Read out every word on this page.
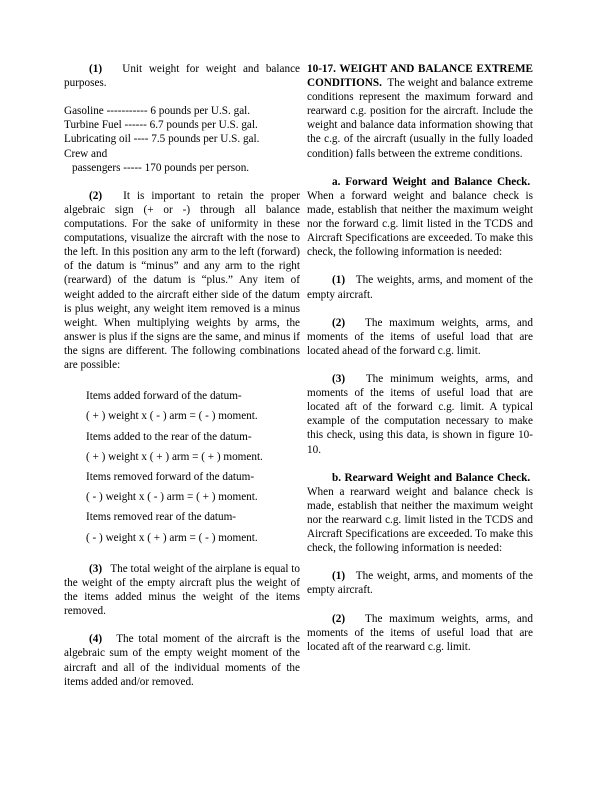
(1) Unit weight for weight and balance purposes.

Gasoline ----------- 6 pounds per U.S. gal.

Turbine Fuel ------ 6.7 pounds per U.S. gal.

Lubricating oil ---- 7.5 pounds per U.S. gal.

Crew and

passengers ----- 170 pounds per person.

(2) It is important to retain the proper algebraic sign (+ or -) through all balance computations. For the sake of uniformity in these computations, visualize the aircraft with the nose to the left. In this position any arm to the left (forward) of the datum is “minus” and any arm to the right (rearward) of the datum is “plus.” Any item of weight added to the aircraft either side of the datum is plus weight, any weight item removed is a minus weight. When multiplying weights by arms, the answer is plus if the signs are the same, and minus if the signs are different. The following combinations are possible:

Items added forward of the datum-

( + ) weight x ( - ) arm = ( - ) moment.

Items added to the rear of the datum-

( + ) weight x ( + ) arm = ( + ) moment.

Items removed forward of the datum-

( - ) weight x ( - ) arm = ( + ) moment.

Items removed rear of the datum-

( - ) weight x ( + ) arm = ( - ) moment.

(3) The total weight of the airplane is equal to the weight of the empty aircraft plus the weight of the items added minus the weight of the items removed.

(4) The total moment of the aircraft is the algebraic sum of the empty weight moment of the aircraft and all of the individual moments of the items added and/or removed.

10-17. WEIGHT AND BALANCE EXTREME CONDITIONS. The weight and balance extreme conditions represent the maximum forward and rearward c.g. position for the aircraft. Include the weight and balance data information showing that the c.g. of the aircraft (usually in the fully loaded condition) falls between the extreme conditions.

a. Forward Weight and Balance Check.  When a forward weight and balance check is made, establish that neither the maximum weight nor the forward c.g. limit listed in the TCDS and Aircraft Specifications are exceeded. To make this check, the following information is needed:

(1) The weights, arms, and moment of the empty aircraft.

(2) The maximum weights, arms, and moments of the items of useful load that are located ahead of the forward c.g. limit.

(3) The minimum weights, arms, and moments of the items of useful load that are located aft of the forward c.g. limit. A typical example of the computation necessary to make this check, using this data, is shown in figure 10-10.

b. Rearward Weight and Balance Check.  When a rearward weight and balance check is made, establish that neither the maximum weight nor the rearward c.g. limit listed in the TCDS and Aircraft Specifications are exceeded. To make this check, the following information is needed:

(1) The weight, arms, and moments of the empty aircraft.

(2) The maximum weights, arms, and moments of the items of useful load that are located aft of the rearward c.g. limit.
